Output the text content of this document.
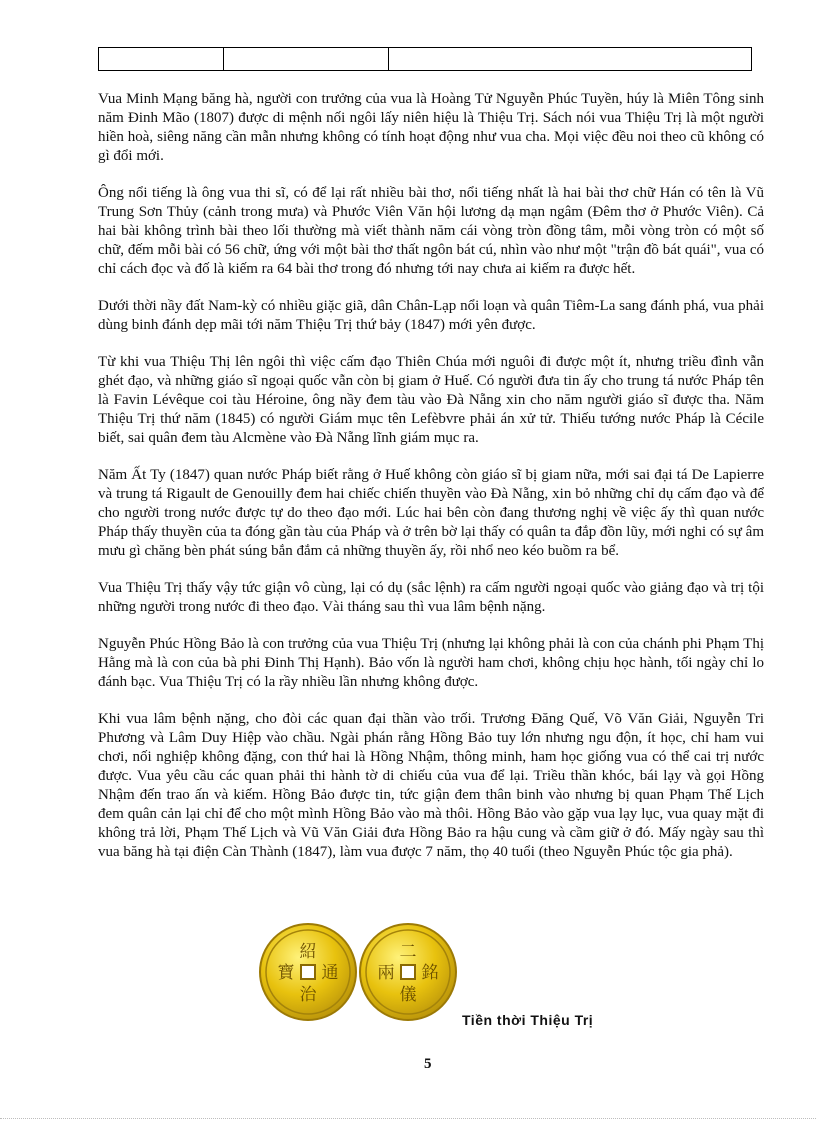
Vua Minh Mạng băng hà, người con trưởng của vua là Hoàng Tử Nguyễn Phúc Tuyền, húy là Miên Tông sinh năm Đinh Mão (1807) được di mệnh nối ngôi lấy niên hiệu là Thiệu Trị. Sách nói vua Thiệu Trị là một người hiền hoà, siêng năng cần mẫn nhưng không có tính hoạt động như vua cha. Mọi việc đều noi theo cũ không có gì đổi mới.

Ông nổi tiếng là ông vua thi sĩ, có để lại rất nhiều bài thơ, nổi tiếng nhất là hai bài thơ chữ Hán có tên là Vũ Trung Sơn Thủy (cảnh trong mưa) và Phước Viên Văn hội lương dạ mạn ngâm (Đêm thơ ở Phước Viên). Cả hai bài không trình bài theo lối thường mà viết thành năm cái vòng tròn đồng tâm, mỗi vòng tròn có một số chữ, đếm mỗi bài có 56 chữ, ứng với một bài thơ thất ngôn bát cú, nhìn vào như một "trận đồ bát quái", vua có chỉ cách đọc và đố là kiếm ra 64 bài thơ trong đó nhưng tới nay chưa ai kiếm ra được hết.

Dưới thời nầy đất Nam-kỳ có nhiều giặc giã, dân Chân-Lạp nổi loạn và quân Tiêm-La sang đánh phá, vua phải dùng binh đánh dẹp mãi tới năm Thiệu Trị thứ bảy (1847) mới yên được.

Từ khi vua Thiệu Thị lên ngôi thì việc cấm đạo Thiên Chúa mới nguôi đi được một ít, nhưng triều đình vẫn ghét đạo, và những giáo sĩ ngoại quốc vẫn còn bị giam ở Huế. Có người đưa tin ấy cho trung tá nước Pháp tên là Favin Lévêque coi tàu Héroine, ông nầy đem tàu vào Đà Nẵng xin cho năm người giáo sĩ được tha. Năm Thiệu Trị thứ năm (1845) có người Giám mục tên Lefèbvre phải án xử tử. Thiếu tướng nước Pháp là Cécile biết, sai quân đem tàu Alcmène vào Đà Nẵng lĩnh giám mục ra.

Năm Ất Ty (1847) quan nước Pháp biết rằng ở Huế không còn giáo sĩ bị giam nữa, mới sai đại tá De Lapierre và trung tá Rigault de Genouilly đem hai chiếc chiến thuyền vào Đà Nẵng, xin bỏ những chỉ dụ cấm đạo và để cho người trong nước được tự do theo đạo mới. Lúc hai bên còn đang thương nghị về việc ấy thì quan nước Pháp thấy thuyền của ta đóng gần tàu của Pháp và ở trên bờ lại thấy có quân ta đắp đồn lũy, mới nghi có sự âm mưu gì chăng bèn phát súng bắn đắm cả những thuyền ấy, rồi nhổ neo kéo buồm ra bể.

Vua Thiệu Trị thấy vậy tức giận vô cùng, lại có dụ (sắc lệnh) ra cấm người ngoại quốc vào giảng đạo và trị tội những người trong nước đi theo đạo. Vài tháng sau thì vua lâm bệnh nặng.

Nguyễn Phúc Hồng Bảo là con trưởng của vua Thiệu Trị (nhưng lại không phải là con của chánh phi Phạm Thị Hằng mà là con của bà phi Đinh Thị Hạnh). Bảo vốn là người ham chơi, không chịu học hành, tối ngày chỉ lo đánh bạc. Vua Thiệu Trị có la rầy nhiều lần nhưng không được.

Khi vua lâm bệnh nặng, cho đòi các quan đại thần vào trối. Trương Đăng Quế, Võ Văn Giải, Nguyễn Tri Phương và Lâm Duy Hiệp vào chầu. Ngài phán rằng Hồng Bảo tuy lớn nhưng ngu độn, ít học, chỉ ham vui chơi, nối nghiệp không đặng, con thứ hai là Hồng Nhậm, thông minh, ham học giống vua có thể cai trị nước được. Vua yêu cầu các quan phải thi hành tờ di chiếu của vua để lại. Triều thần khóc, bái lạy và gọi Hồng Nhậm đến trao ấn và kiếm. Hồng Bảo được tin, tức giận đem thân binh vào nhưng bị quan Phạm Thế Lịch đem quân cản lại chỉ để cho một mình Hồng Bảo vào mà thôi. Hồng Bảo vào gặp vua lạy lục, vua quay mặt đi không trả lời, Phạm Thế Lịch và Vũ Văn Giải đưa Hồng Bảo ra hậu cung và cầm giữ ở đó. Mấy ngày sau thì vua băng hà tại điện Càn Thành (1847), làm vua được 7 năm, thọ 40 tuổi (theo Nguyễn Phúc tộc gia phả).

紹
通
治
寶
二
銘
儀
兩
Tiền thời Thiệu Trị
5
